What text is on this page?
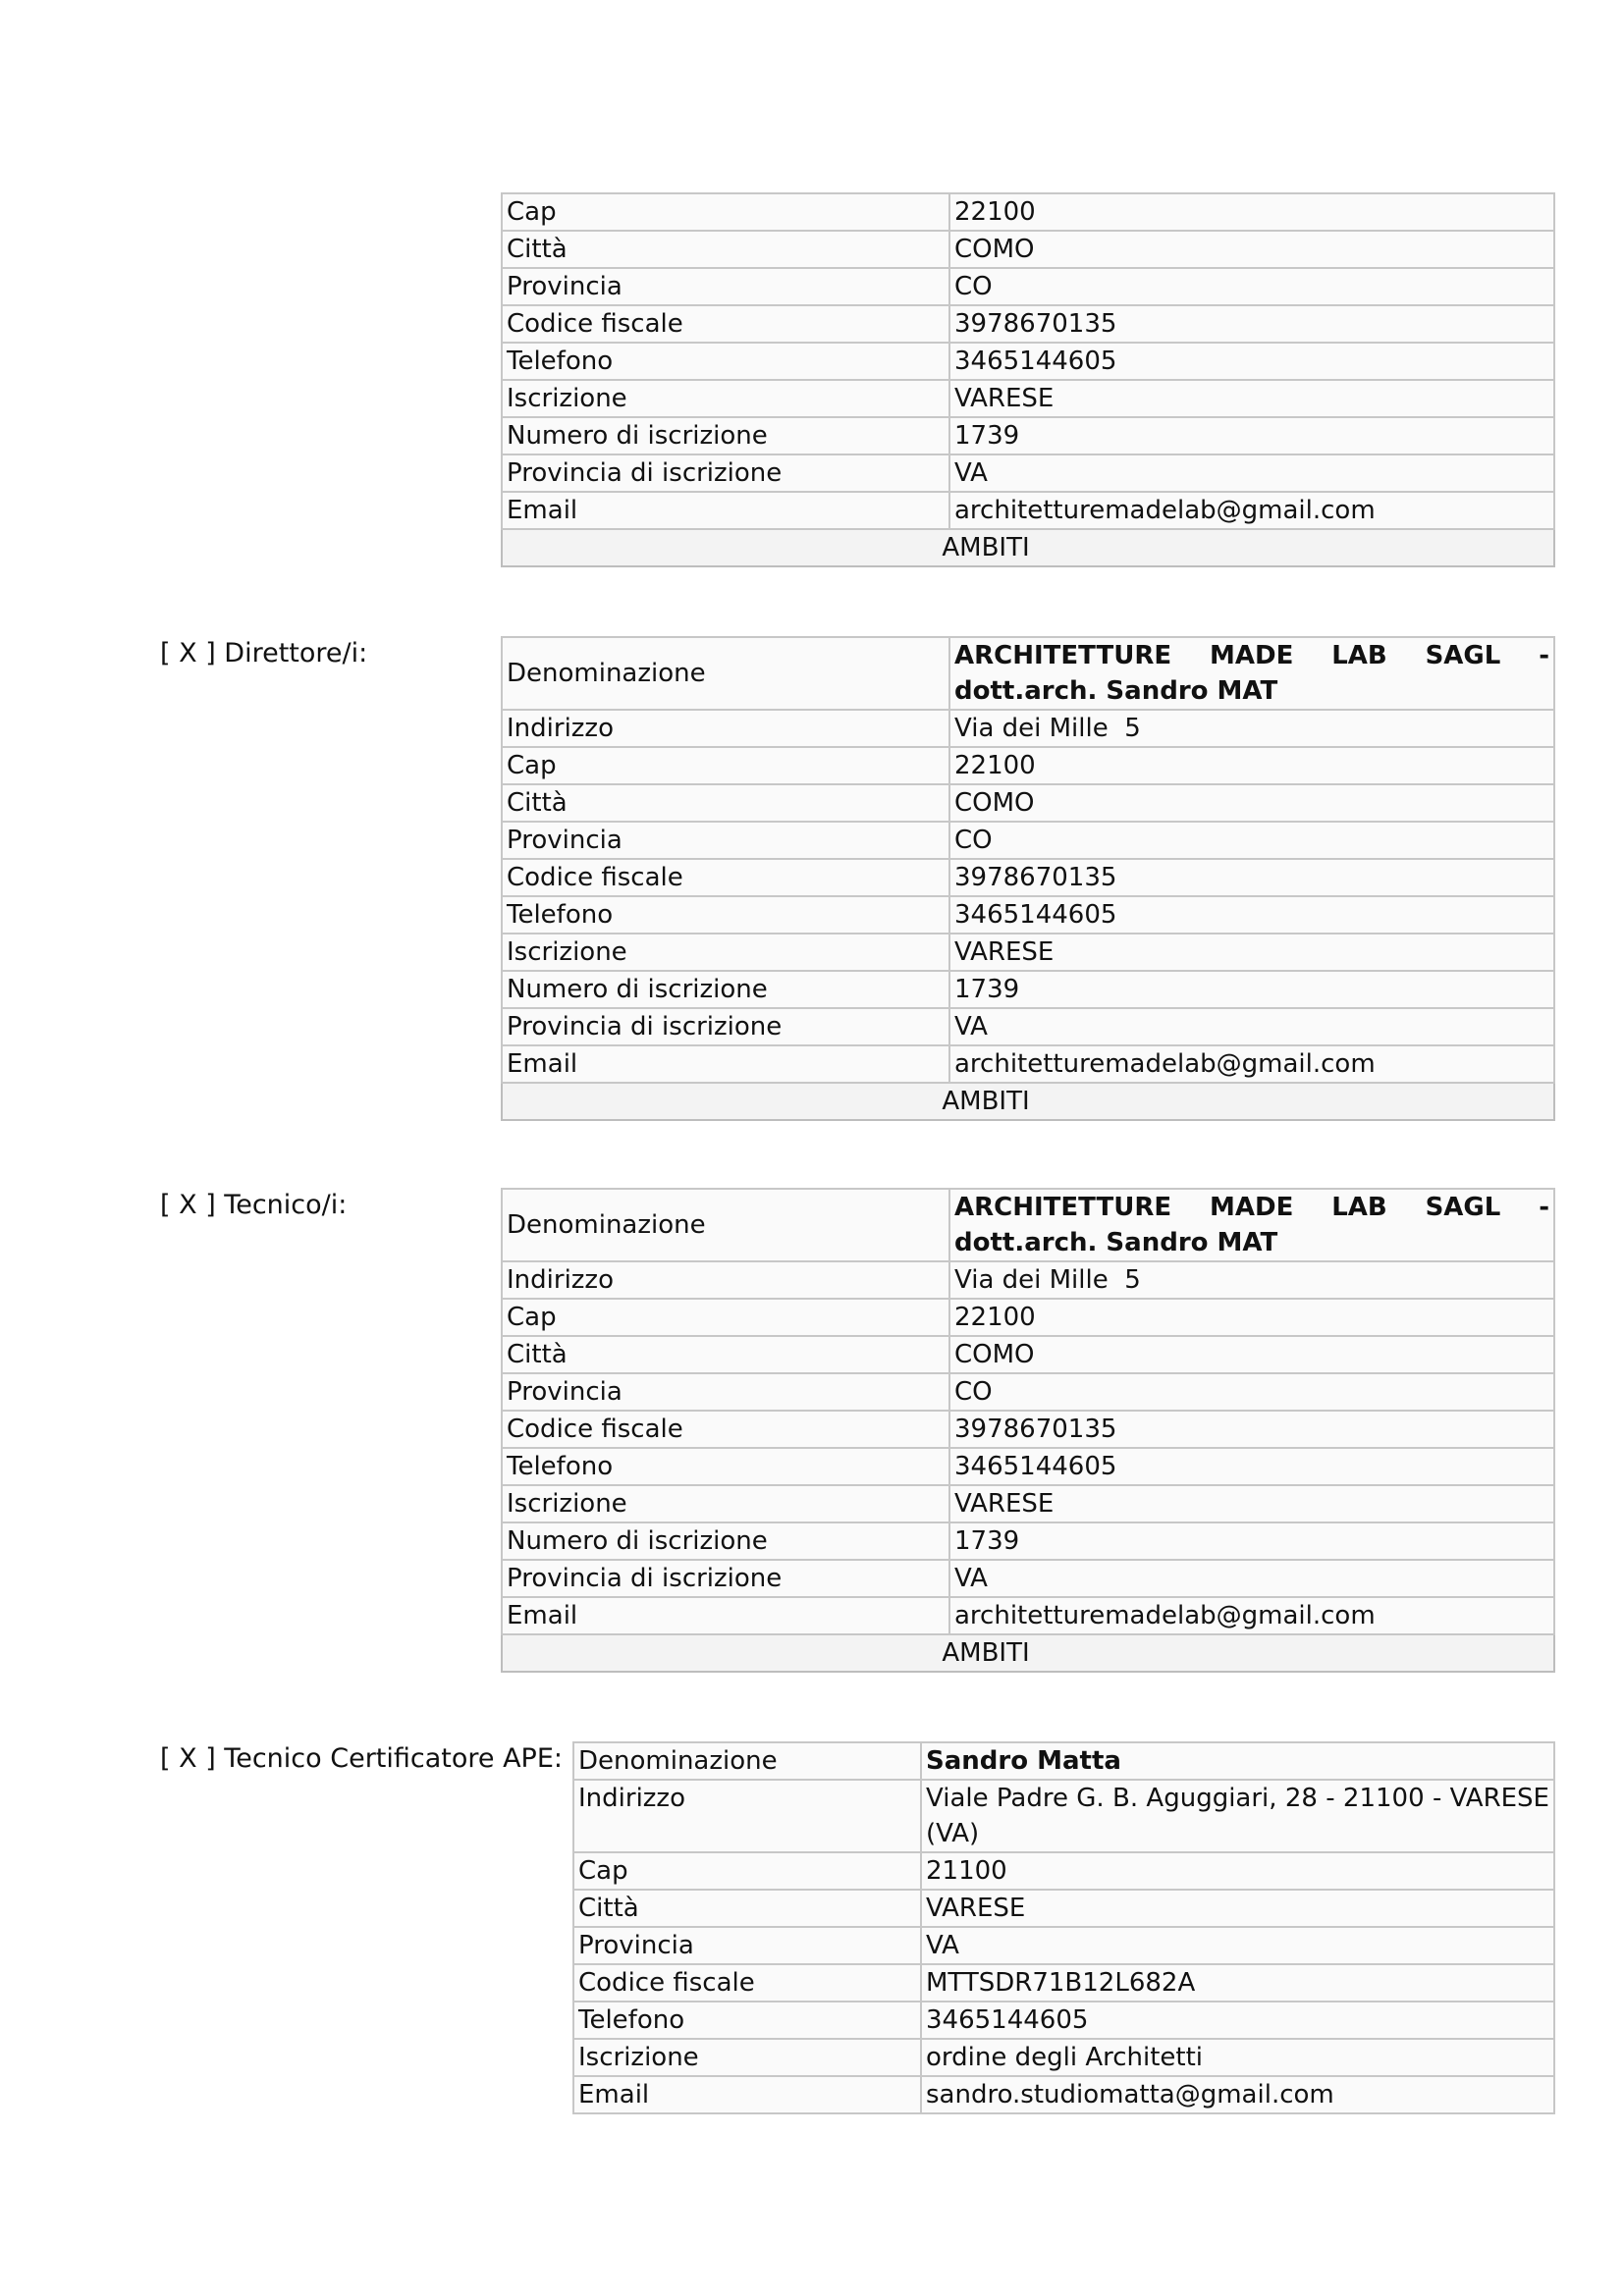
Cap	22100
Città	COMO
Provincia	CO
Codice fiscale	3978670135
Telefono	3465144605
Iscrizione	VARESE
Numero di iscrizione	1739
Provincia di iscrizione	VA
Email	architetturemadelab@gmail.com
AMBITI	
[ X ] Direttore/i:
Denominazione	ARCHITETTURE MADE LAB SAGL - dott.arch. Sandro MAT
Indirizzo	Via dei Mille  5
Cap	22100
Città	COMO
Provincia	CO
Codice fiscale	3978670135
Telefono	3465144605
Iscrizione	VARESE
Numero di iscrizione	1739
Provincia di iscrizione	VA
Email	architetturemadelab@gmail.com
AMBITI	
[ X ] Tecnico/i:
Denominazione	ARCHITETTURE MADE LAB SAGL - dott.arch. Sandro MAT
Indirizzo	Via dei Mille  5
Cap	22100
Città	COMO
Provincia	CO
Codice fiscale	3978670135
Telefono	3465144605
Iscrizione	VARESE
Numero di iscrizione	1739
Provincia di iscrizione	VA
Email	architetturemadelab@gmail.com
AMBITI	
[ X ] Tecnico Certificatore APE: Denominazione	Sandro Matta
Indirizzo	Viale Padre G. B. Aguggiari, 28 - 21100 - VARESE (VA)
Cap	21100
Città	VARESE
Provincia	VA
Codice fiscale	MTTSDR71B12L682A
Telefono	3465144605
Iscrizione	ordine degli Architetti
Email	sandro.studiomatta@gmail.com
